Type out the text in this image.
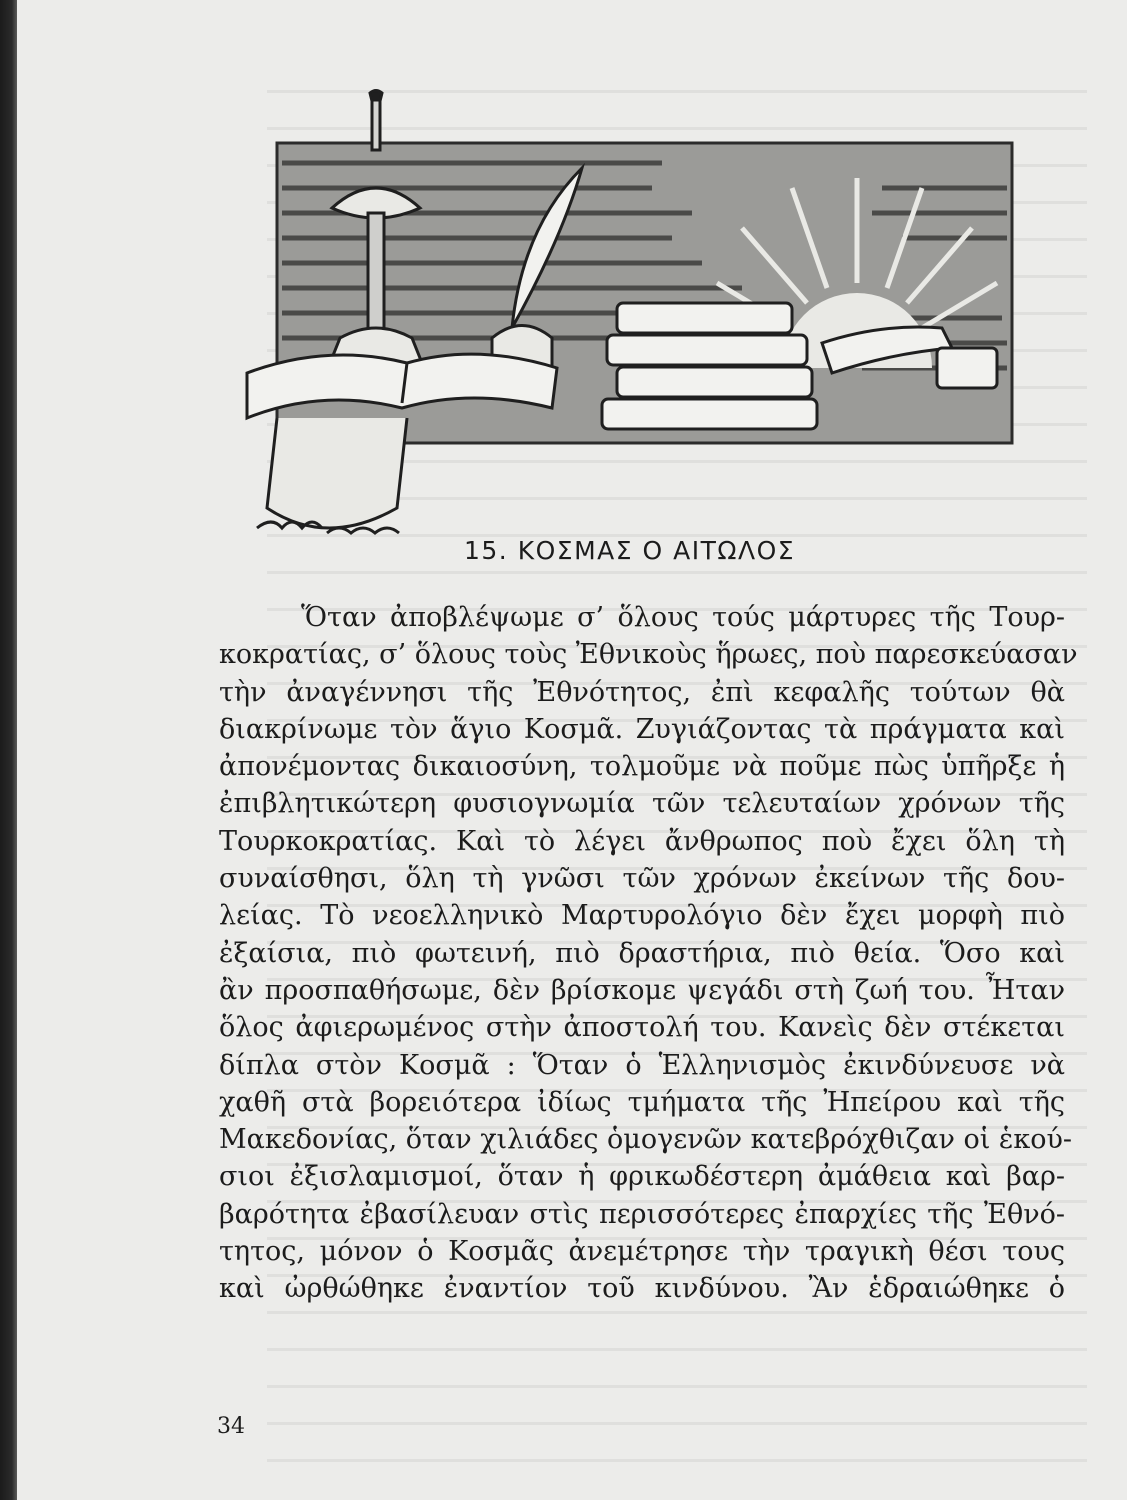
15. ΚΟΣΜΑΣ Ο ΑΙΤΩΛΟΣ

Ὅταν ἀποβλέψωμε σ’ ὅλους τούς μάρτυρες τῆς Τουρ-
κοκρατίας, σ’ ὅλους τοὺς Ἐθνικοὺς ἥρωες, ποὺ παρεσκεύασαν
τὴν ἀναγέννησι τῆς Ἐθνότητος, ἐπὶ κεφαλῆς τούτων θὰ
διακρίνωμε τὸν ἅγιο Κοσμᾶ. Ζυγιάζοντας τὰ πράγματα καὶ
ἀπονέμοντας δικαιοσύνη, τολμοῦμε νὰ ποῦμε πὼς ὑπῆρξε ἡ
ἐπιβλητικώτερη φυσιογνωμία τῶν τελευταίων χρόνων τῆς
Τουρκοκρατίας. Καὶ τὸ λέγει ἄνθρωπος ποὺ ἔχει ὅλη τὴ
συναίσθησι, ὅλη τὴ γνῶσι τῶν χρόνων ἐκείνων τῆς δου-
λείας. Τὸ νεοελληνικὸ Μαρτυρολόγιο δὲν ἔχει μορφὴ πιὸ
ἐξαίσια, πιὸ φωτεινή, πιὸ δραστήρια, πιὸ θεία. Ὅσο καὶ
ἂν προσπαθήσωμε, δὲν βρίσκομε ψεγάδι στὴ ζωή του. Ἦταν
ὅλος ἀφιερωμένος στὴν ἀποστολή του. Κανεὶς δὲν στέκεται
δίπλα στὸν Κοσμᾶ : Ὅταν ὁ Ἑλληνισμὸς ἐκινδύνευσε νὰ
χαθῆ στὰ βορειότερα ἰδίως τμήματα τῆς Ἠπείρου καὶ τῆς
Μακεδονίας, ὅταν χιλιάδες ὁμογενῶν κατεβρόχθιζαν οἱ ἑκού-
σιοι ἐξισλαμισμοί, ὅταν ἡ φρικωδέστερη ἀμάθεια καὶ βαρ-
βαρότητα ἐβασίλευαν στὶς περισσότερες ἐπαρχίες τῆς Ἐθνό-
τητος, μόνον ὁ Κοσμᾶς ἀνεμέτρησε τὴν τραγικὴ θέσι τους
καὶ ὠρθώθηκε ἐναντίον τοῦ κινδύνου. Ἂν ἑδραιώθηκε ὁ

34
